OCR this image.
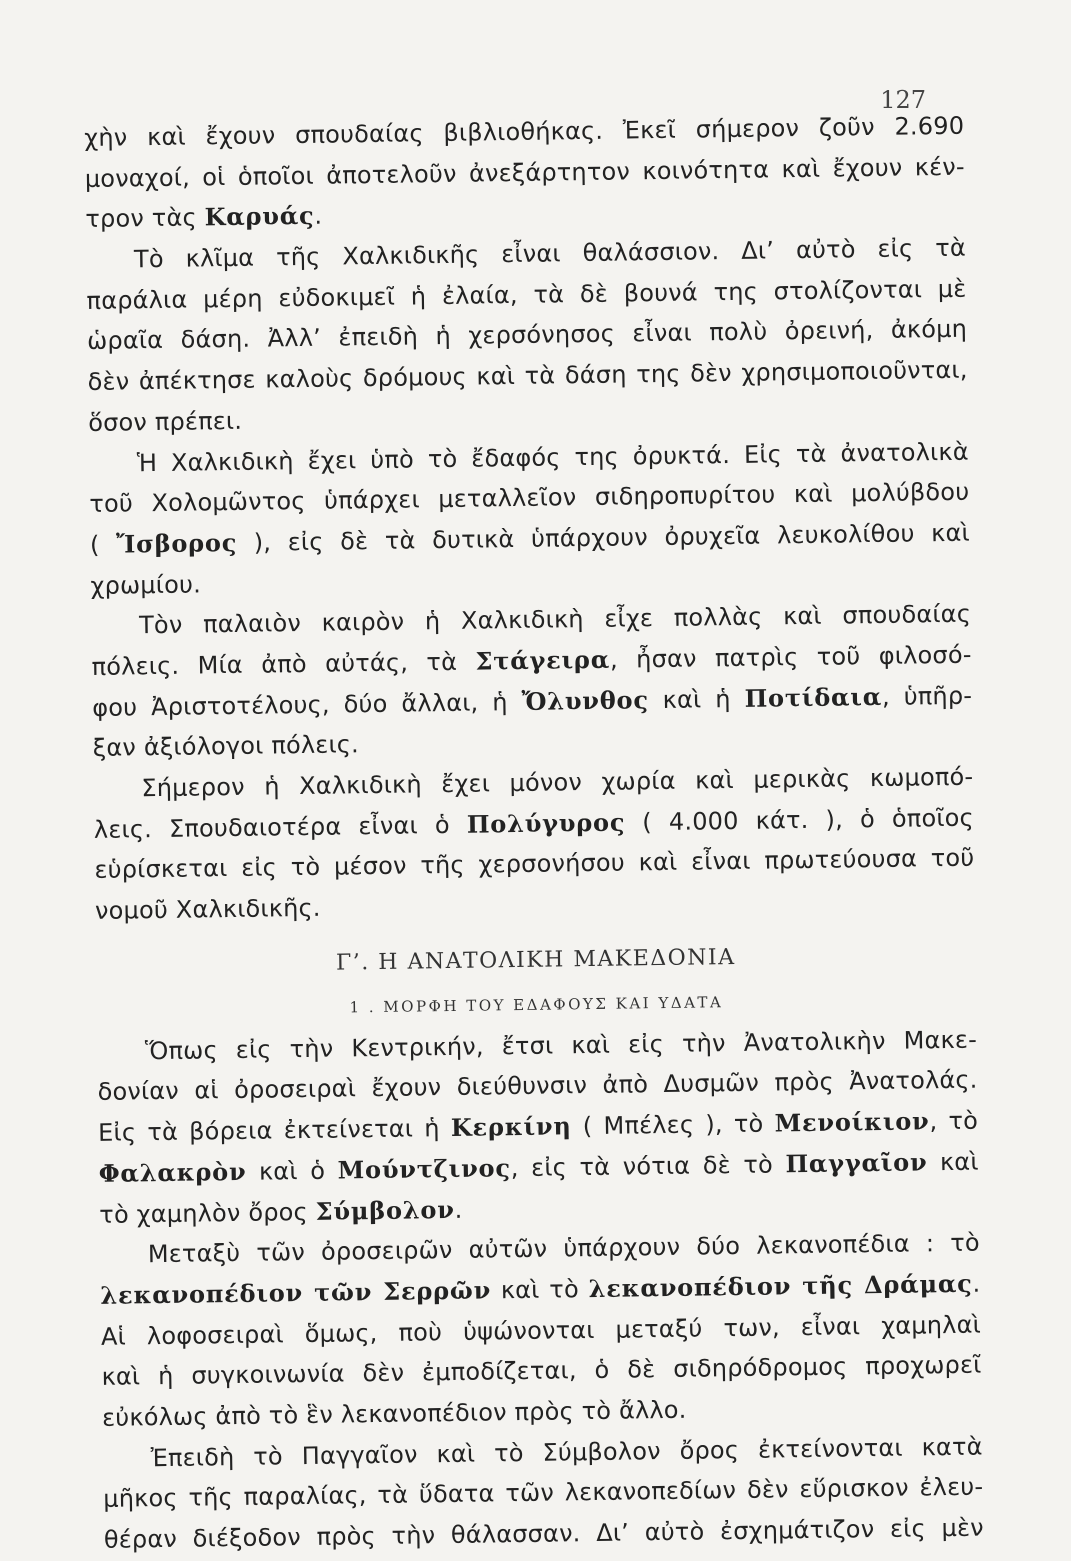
127
χὴν καὶ ἔχουν σπουδαίας βιβλιοθήκας. Ἐκεῖ σήμερον ζοῦν 2.690
μοναχοί, οἱ ὁποῖοι ἀποτελοῦν ἀνεξάρτητον κοινότητα καὶ ἔχουν κέν-
τρον τὰς Καρυάς.
Τὸ κλῖμα τῆς Χαλκιδικῆς εἶναι θαλάσσιον. Δι’ αὐτὸ εἰς τὰ
παράλια μέρη εὐδοκιμεῖ ἡ ἐλαία, τὰ δὲ βουνά της στολίζονται μὲ
ὡραῖα δάση. Ἀλλ’ ἐπειδὴ ἡ χερσόνησος εἶναι πολὺ ὀρεινή, ἀκόμη
δὲν ἀπέκτησε καλοὺς δρόμους καὶ τὰ δάση της δὲν χρησιμοποιοῦνται,
ὅσον πρέπει.
Ἡ Χαλκιδικὴ ἔχει ὑπὸ τὸ ἔδαφός της ὀρυκτά. Εἰς τὰ ἀνατολικὰ
τοῦ Χολομῶντος ὑπάρχει μεταλλεῖον σιδηροπυρίτου καὶ μολύβδου
( Ἴσβορος ), εἰς δὲ τὰ δυτικὰ ὑπάρχουν ὀρυχεῖα λευκολίθου καὶ
χρωμίου.
Τὸν παλαιὸν καιρὸν ἡ Χαλκιδικὴ εἶχε πολλὰς καὶ σπουδαίας
πόλεις. Μία ἀπὸ αὐτάς, τὰ Στάγειρα, ἦσαν πατρὶς τοῦ φιλοσό-
φου Ἀριστοτέλους, δύο ἄλλαι, ἡ Ὄλυνθος καὶ ἡ Ποτίδαια, ὑπῆρ-
ξαν ἀξιόλογοι πόλεις.
Σήμερον ἡ Χαλκιδικὴ ἔχει μόνον χωρία καὶ μερικὰς κωμοπό-
λεις. Σπουδαιοτέρα εἶναι ὁ Πολύγυρος ( 4.000 κάτ. ), ὁ ὁποῖος
εὑρίσκεται εἰς τὸ μέσον τῆς χερσονήσου καὶ εἶναι πρωτεύουσα τοῦ
νομοῦ Χαλκιδικῆς.
Γ’. Η ΑΝΑΤΟΛΙΚΗ ΜΑΚΕΔΟΝΙΑ
1 . ΜΟΡΦΗ ΤΟΥ ΕΔΑΦΟΥΣ ΚΑΙ ΥΔΑΤΑ
Ὅπως εἰς τὴν Κεντρικήν, ἔτσι καὶ εἰς τὴν Ἀνατολικὴν Μακε-
δονίαν αἱ ὀροσειραὶ ἔχουν διεύθυνσιν ἀπὸ Δυσμῶν πρὸς Ἀνατολάς.
Εἰς τὰ βόρεια ἐκτείνεται ἡ Κερκίνη ( Μπέλες ), τὸ Μενοίκιον, τὸ
Φαλακρὸν καὶ ὁ Μούντζινος, εἰς τὰ νότια δὲ τὸ Παγγαῖον καὶ
τὸ χαμηλὸν ὄρος Σύμβολον.
Μεταξὺ τῶν ὀροσειρῶν αὐτῶν ὑπάρχουν δύο λεκανοπέδια : τὸ
λεκανοπέδιον τῶν Σερρῶν καὶ τὸ λεκανοπέδιον τῆς Δράμας.
Αἱ λοφοσειραὶ ὅμως, ποὺ ὑψώνονται μεταξύ των, εἶναι χαμηλαὶ
καὶ ἡ συγκοινωνία δὲν ἐμποδίζεται, ὁ δὲ σιδηρόδρομος προχωρεῖ
εὐκόλως ἀπὸ τὸ ἓν λεκανοπέδιον πρὸς τὸ ἄλλο.
Ἐπειδὴ τὸ Παγγαῖον καὶ τὸ Σύμβολον ὄρος ἐκτείνονται κατὰ
μῆκος τῆς παραλίας, τὰ ὕδατα τῶν λεκανοπεδίων δὲν εὕρισκον ἐλευ-
θέραν διέξοδον πρὸς τὴν θάλασσαν. Δι’ αὐτὸ ἐσχημάτιζον εἰς μὲν
